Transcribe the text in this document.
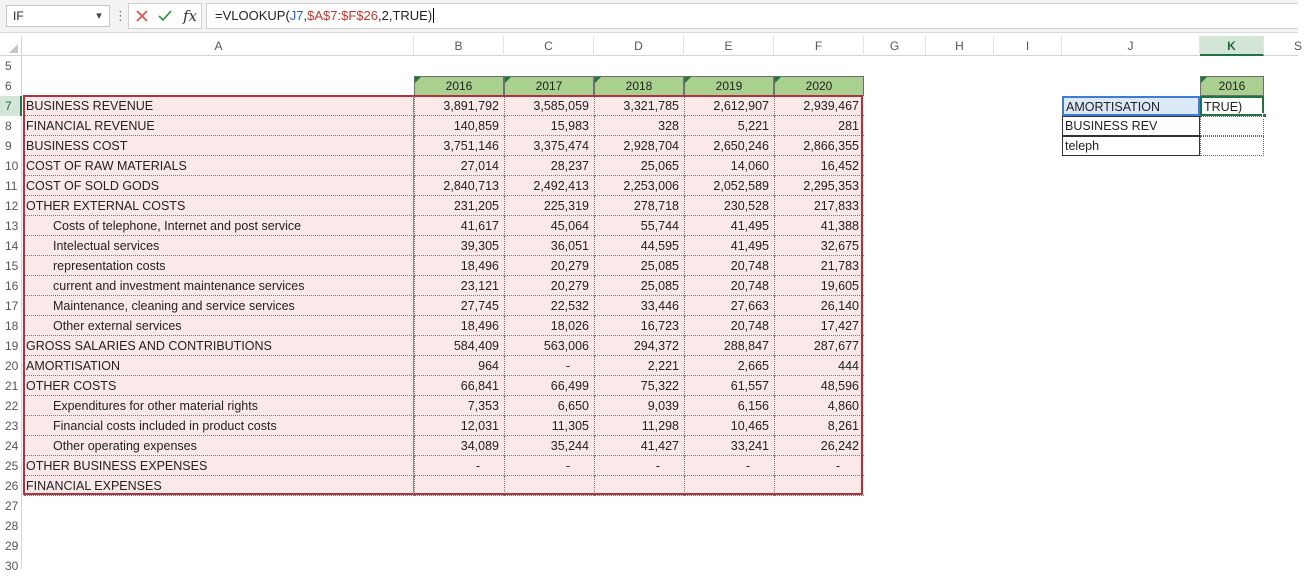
IF	▾ ⋮	fx	=VLOOKUP(J7,$A$7:$F$26,2,TRUE)
A	B	C	D	E	F	G	H	I	J	K	S
5
6
7
8
9
10
11
12
13
14
15
16
17
18
19
20
21
22
23
24
25
26
27
28
29
30
2016	2017	2018	2019	2020
BUSINESS REVENUE	3,891,792	3,585,059	3,321,785	2,612,907	2,939,467
FINANCIAL REVENUE	140,859	15,983	328	5,221	281
BUSINESS COST	3,751,146	3,375,474	2,928,704	2,650,246	2,866,355
COST OF RAW MATERIALS	27,014	28,237	25,065	14,060	16,452
COST OF SOLD GODS	2,840,713	2,492,413	2,253,006	2,052,589	2,295,353
OTHER EXTERNAL COSTS	231,205	225,319	278,718	230,528	217,833
Costs of telephone, Internet and post service	41,617	45,064	55,744	41,495	41,388
Intelectual services	39,305	36,051	44,595	41,495	32,675
representation costs	18,496	20,279	25,085	20,748	21,783
current and investment maintenance services	23,121	20,279	25,085	20,748	19,605
Maintenance, cleaning and service services	27,745	22,532	33,446	27,663	26,140
Other external services	18,496	18,026	16,723	20,748	17,427
GROSS SALARIES AND CONTRIBUTIONS	584,409	563,006	294,372	288,847	287,677
AMORTISATION	964	-	2,221	2,665	444
OTHER COSTS	66,841	66,499	75,322	61,557	48,596
Expenditures for other material rights	7,353	6,650	9,039	6,156	4,860
Financial costs included in product costs	12,031	11,305	11,298	10,465	8,261
Other operating expenses	34,089	35,244	41,427	33,241	26,242
OTHER BUSINESS EXPENSES	-	-	-	-	-
FINANCIAL EXPENSES
2016
AMORTISATION	TRUE)
BUSINESS REV
teleph
